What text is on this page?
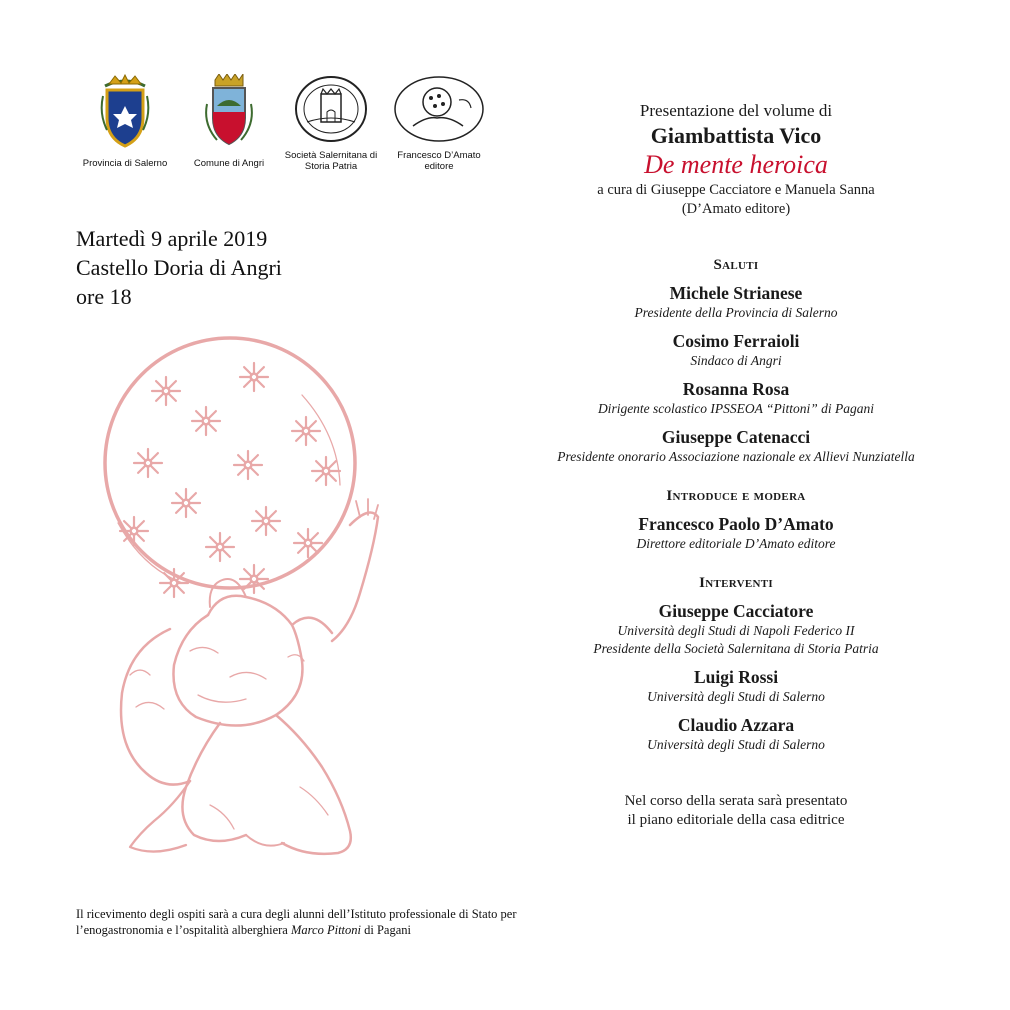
Provincia di Salerno	Comune di Angri
Società Salernitana di Storia Patria
Francesco D’Amato editore
Martedì 9 aprile 2019
Castello Doria di Angri
ore 18
Il ricevimento degli ospiti sarà a cura degli alunni dell’Istituto professionale di Stato per l’enogastronomia e l’ospitalità alberghiera Marco Pittoni di Pagani
Presentazione del volume di
Giambattista Vico
De mente heroica
a cura di Giuseppe Cacciatore e Manuela Sanna
(D’Amato editore)
Saluti
Michele Strianese
Presidente della Provincia di Salerno
Cosimo Ferraioli
Sindaco di Angri
Rosanna Rosa
Dirigente scolastico IPSSEOA “Pittoni” di Pagani
Giuseppe Catenacci
Presidente onorario Associazione nazionale ex Allievi Nunziatella
Introduce e modera
Francesco Paolo D’Amato
Direttore editoriale D’Amato editore
Interventi
Giuseppe Cacciatore
Università degli Studi di Napoli Federico II
Presidente della Società Salernitana di Storia Patria
Luigi Rossi
Università degli Studi di Salerno
Claudio Azzara
Università degli Studi di Salerno
Nel corso della serata sarà presentato
il piano editoriale della casa editrice
